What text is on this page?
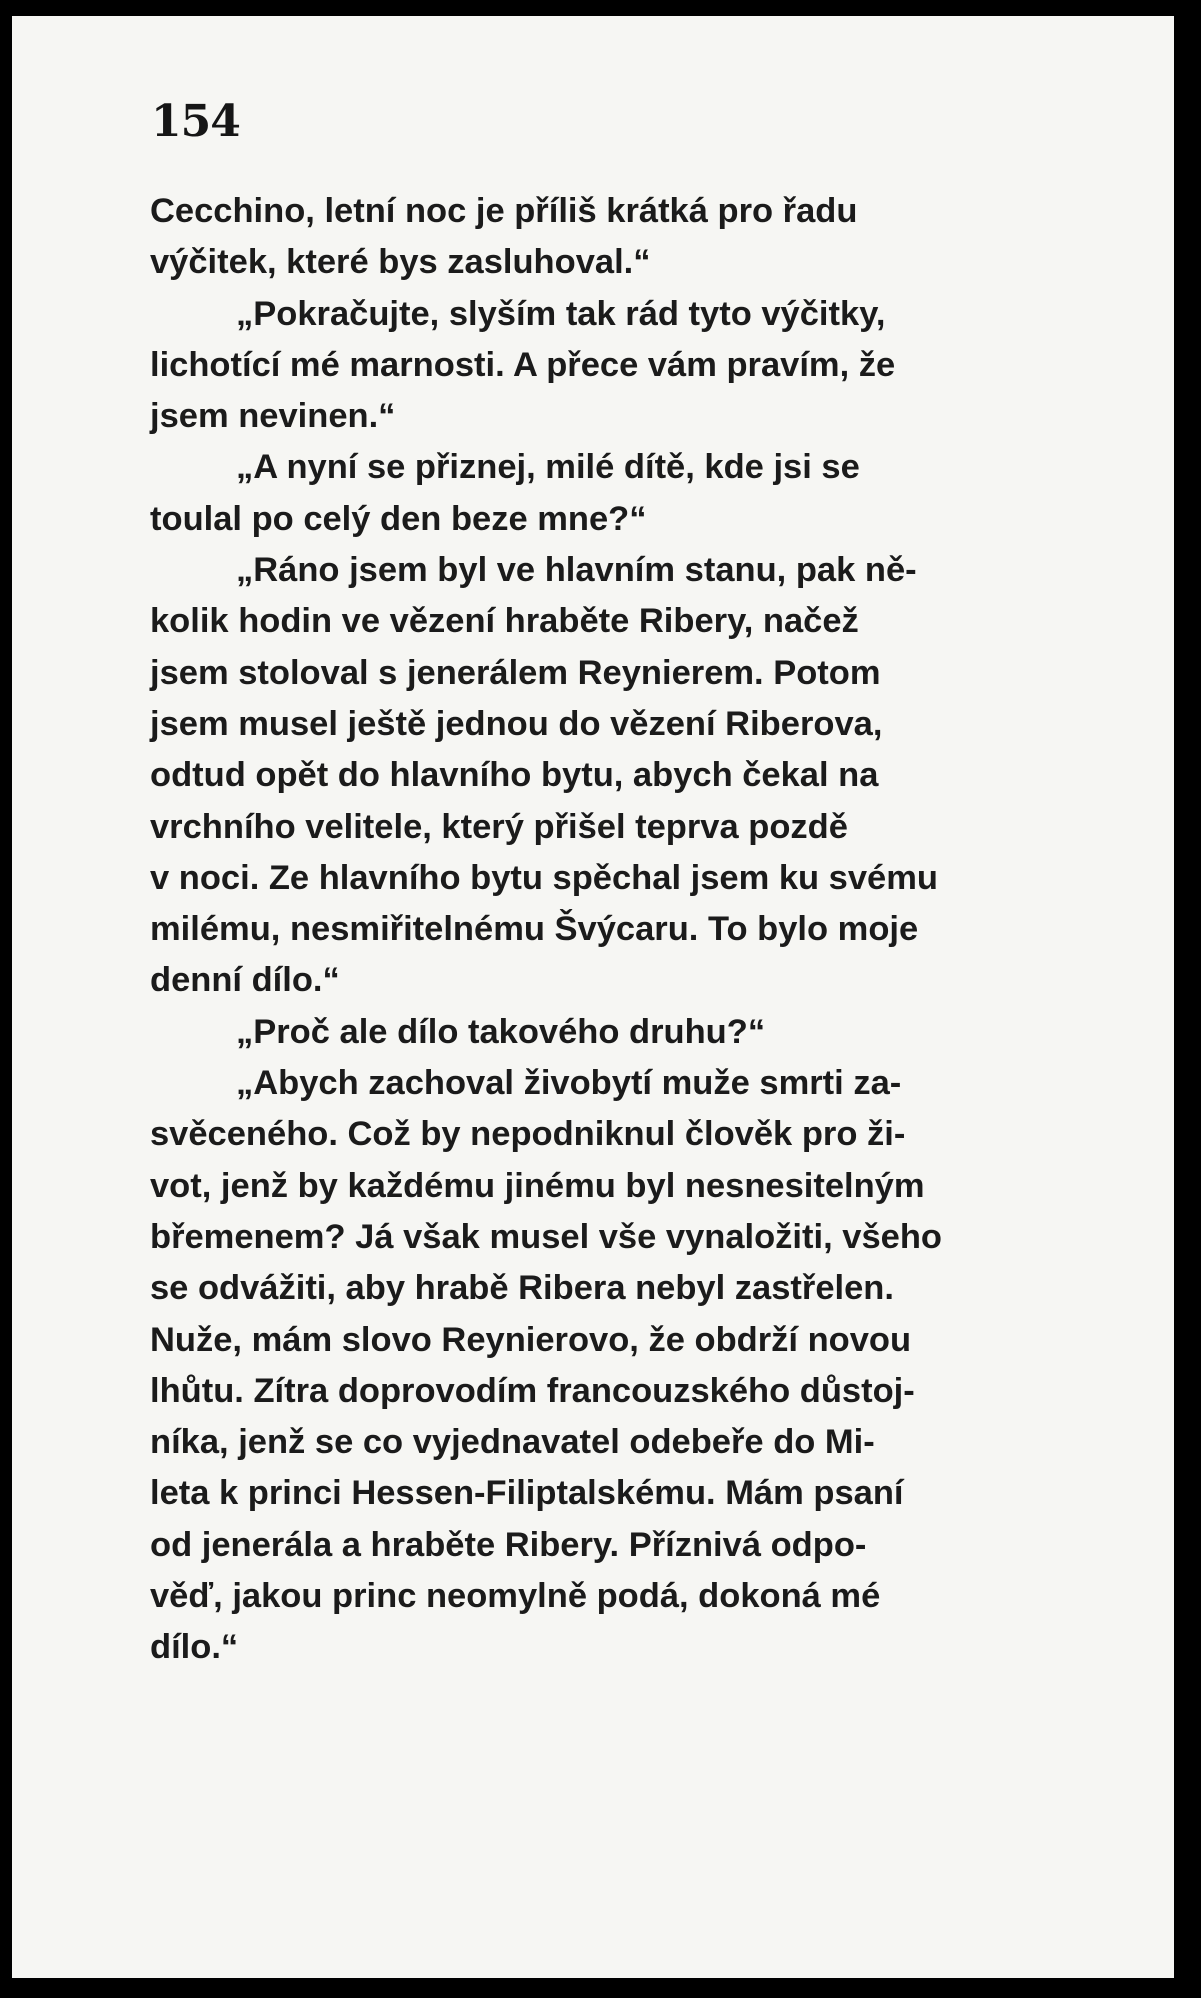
154

Cecchino, letní noc je příliš krátká pro řadu
výčitek, které bys zasluhoval.“

„Pokračujte, slyším tak rád tyto výčitky,
lichotící mé marnosti. A přece vám pravím, že
jsem nevinen.“

„A nyní se přiznej, milé dítě, kde jsi se
toulal po celý den beze mne?“

„Ráno jsem byl ve hlavním stanu, pak ně-
kolik hodin ve vězení hraběte Ribery, načež
jsem stoloval s jenerálem Reynierem. Potom
jsem musel ještě jednou do vězení Riberova,
odtud opět do hlavního bytu, abych čekal na
vrchního velitele, který přišel teprva pozdě
v noci. Ze hlavního bytu spěchal jsem ku svému
milému, nesmiřitelnému Švýcaru. To bylo moje
denní dílo.“

„Proč ale dílo takového druhu?“

„Abych zachoval živobytí muže smrti za-
svěceného. Což by nepodniknul člověk pro ži-
vot, jenž by každému jinému byl nesnesitelným
břemenem? Já však musel vše vynaložiti, všeho
se odvážiti, aby hrabě Ribera nebyl zastřelen.
Nuže, mám slovo Reynierovo, že obdrží novou
lhůtu. Zítra doprovodím francouzského důstoj-
níka, jenž se co vyjednavatel odebeře do Mi-
leta k princi Hessen-Filiptalskému. Mám psaní
od jenerála a hraběte Ribery. Příznivá odpo-
věď, jakou princ neomylně podá, dokoná mé
dílo.“
